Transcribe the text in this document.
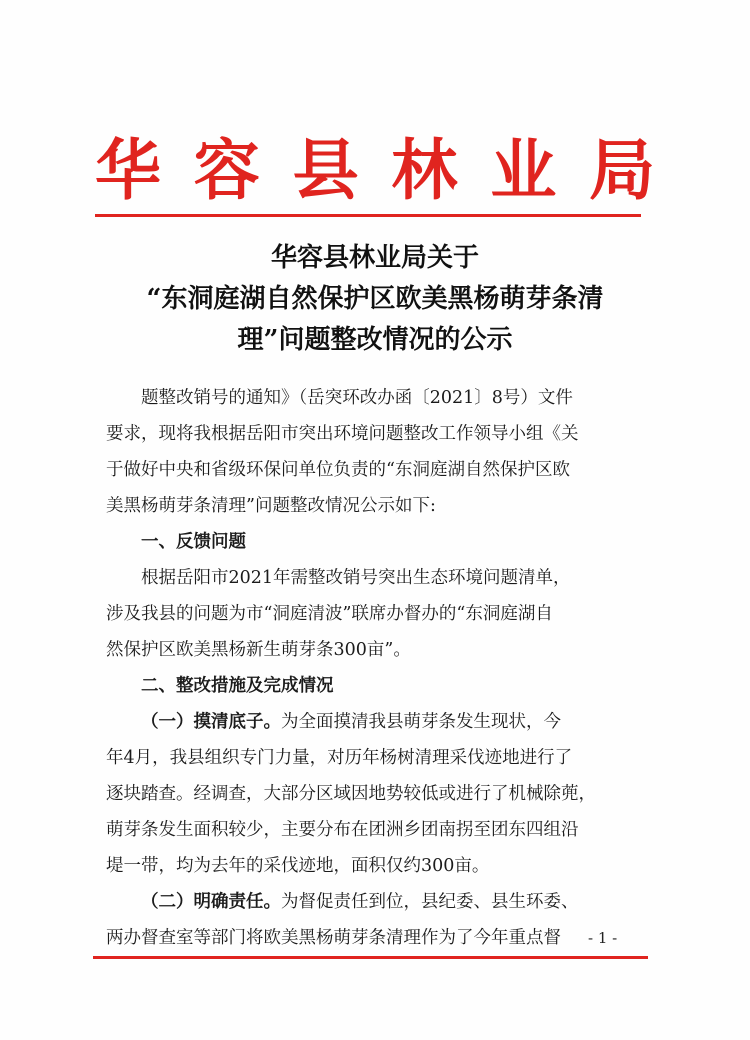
华 容 县 林 业 局
华容县林业局关于
“东洞庭湖自然保护区欧美黑杨萌芽条清
理”问题整改情况的公示

题整改销号的通知》（岳突环改办函〔2021〕8号）文件
要求，现将我根据岳阳市突出环境问题整改工作领导小组《关
于做好中央和省级环保问单位负责的“东洞庭湖自然保护区欧
美黑杨萌芽条清理”问题整改情况公示如下:

一、反馈问题

根据岳阳市2021年需整改销号突出生态环境问题清单，
涉及我县的问题为市“洞庭清波”联席办督办的“东洞庭湖自
然保护区欧美黑杨新生萌芽条300亩”。

二、整改措施及完成情况

（一）摸清底子。为全面摸清我县萌芽条发生现状，今
年4月，我县组织专门力量，对历年杨树清理采伐迹地进行了
逐块踏查。经调查，大部分区域因地势较低或进行了机械除蔸，
萌芽条发生面积较少，主要分布在团洲乡团南拐至团东四组沿
堤一带，均为去年的采伐迹地，面积仅约300亩。

（二）明确责任。为督促责任到位，县纪委、县生环委、
两办督查室等部门将欧美黑杨萌芽条清理作为了今年重点督	- 1 -
